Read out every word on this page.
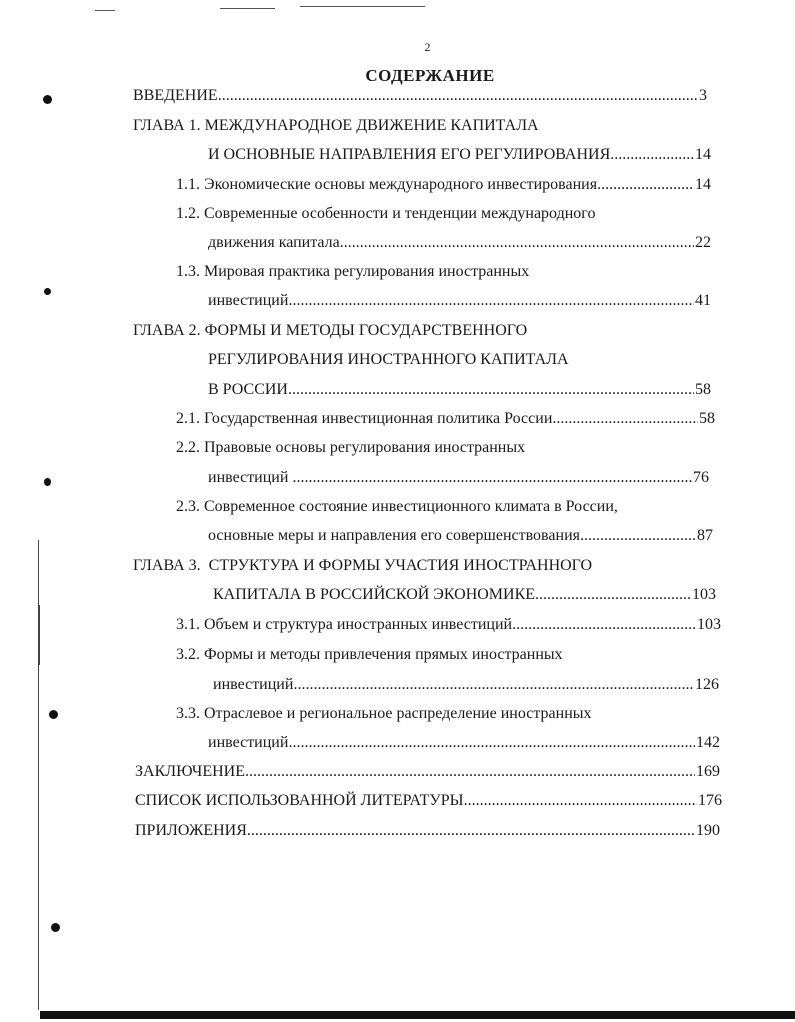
2
СОДЕРЖАНИЕ
ВВЕДЕНИЕ .....	3
ГЛАВА 1. МЕЖДУНАРОДНОЕ ДВИЖЕНИЕ КАПИТАЛА
И ОСНОВНЫЕ НАПРАВЛЕНИЯ ЕГО РЕГУЛИРОВАНИЯ .....	14
1.1. Экономические основы международного инвестирования .....	14
1.2. Современные особенности и тенденции международного
движения капитала .....	22
1.3. Мировая практика регулирования иностранных
инвестиций .....	41
ГЛАВА 2. ФОРМЫ И МЕТОДЫ ГОСУДАРСТВЕННОГО
РЕГУЛИРОВАНИЯ ИНОСТРАННОГО КАПИТАЛА
В РОССИИ .....	58
2.1. Государственная инвестиционная политика России .....	58
2.2. Правовые основы регулирования иностранных
инвестиций .....	76
2.3. Современное состояние инвестиционного климата в России,
основные меры и направления его совершенствования .....	87
ГЛАВА 3.  СТРУКТУРА И ФОРМЫ УЧАСТИЯ ИНОСТРАННОГО
КАПИТАЛА В РОССИЙСКОЙ ЭКОНОМИКЕ .....	103
3.1. Объем и структура иностранных инвестиций .....	103
3.2. Формы и методы привлечения прямых иностранных
инвестиций .....	126
3.3. Отраслевое и региональное распределение иностранных
инвестиций .....	142
ЗАКЛЮЧЕНИЕ .....	169
СПИСОК ИСПОЛЬЗОВАННОЙ ЛИТЕРАТУРЫ .....	176
ПРИЛОЖЕНИЯ .....	190
